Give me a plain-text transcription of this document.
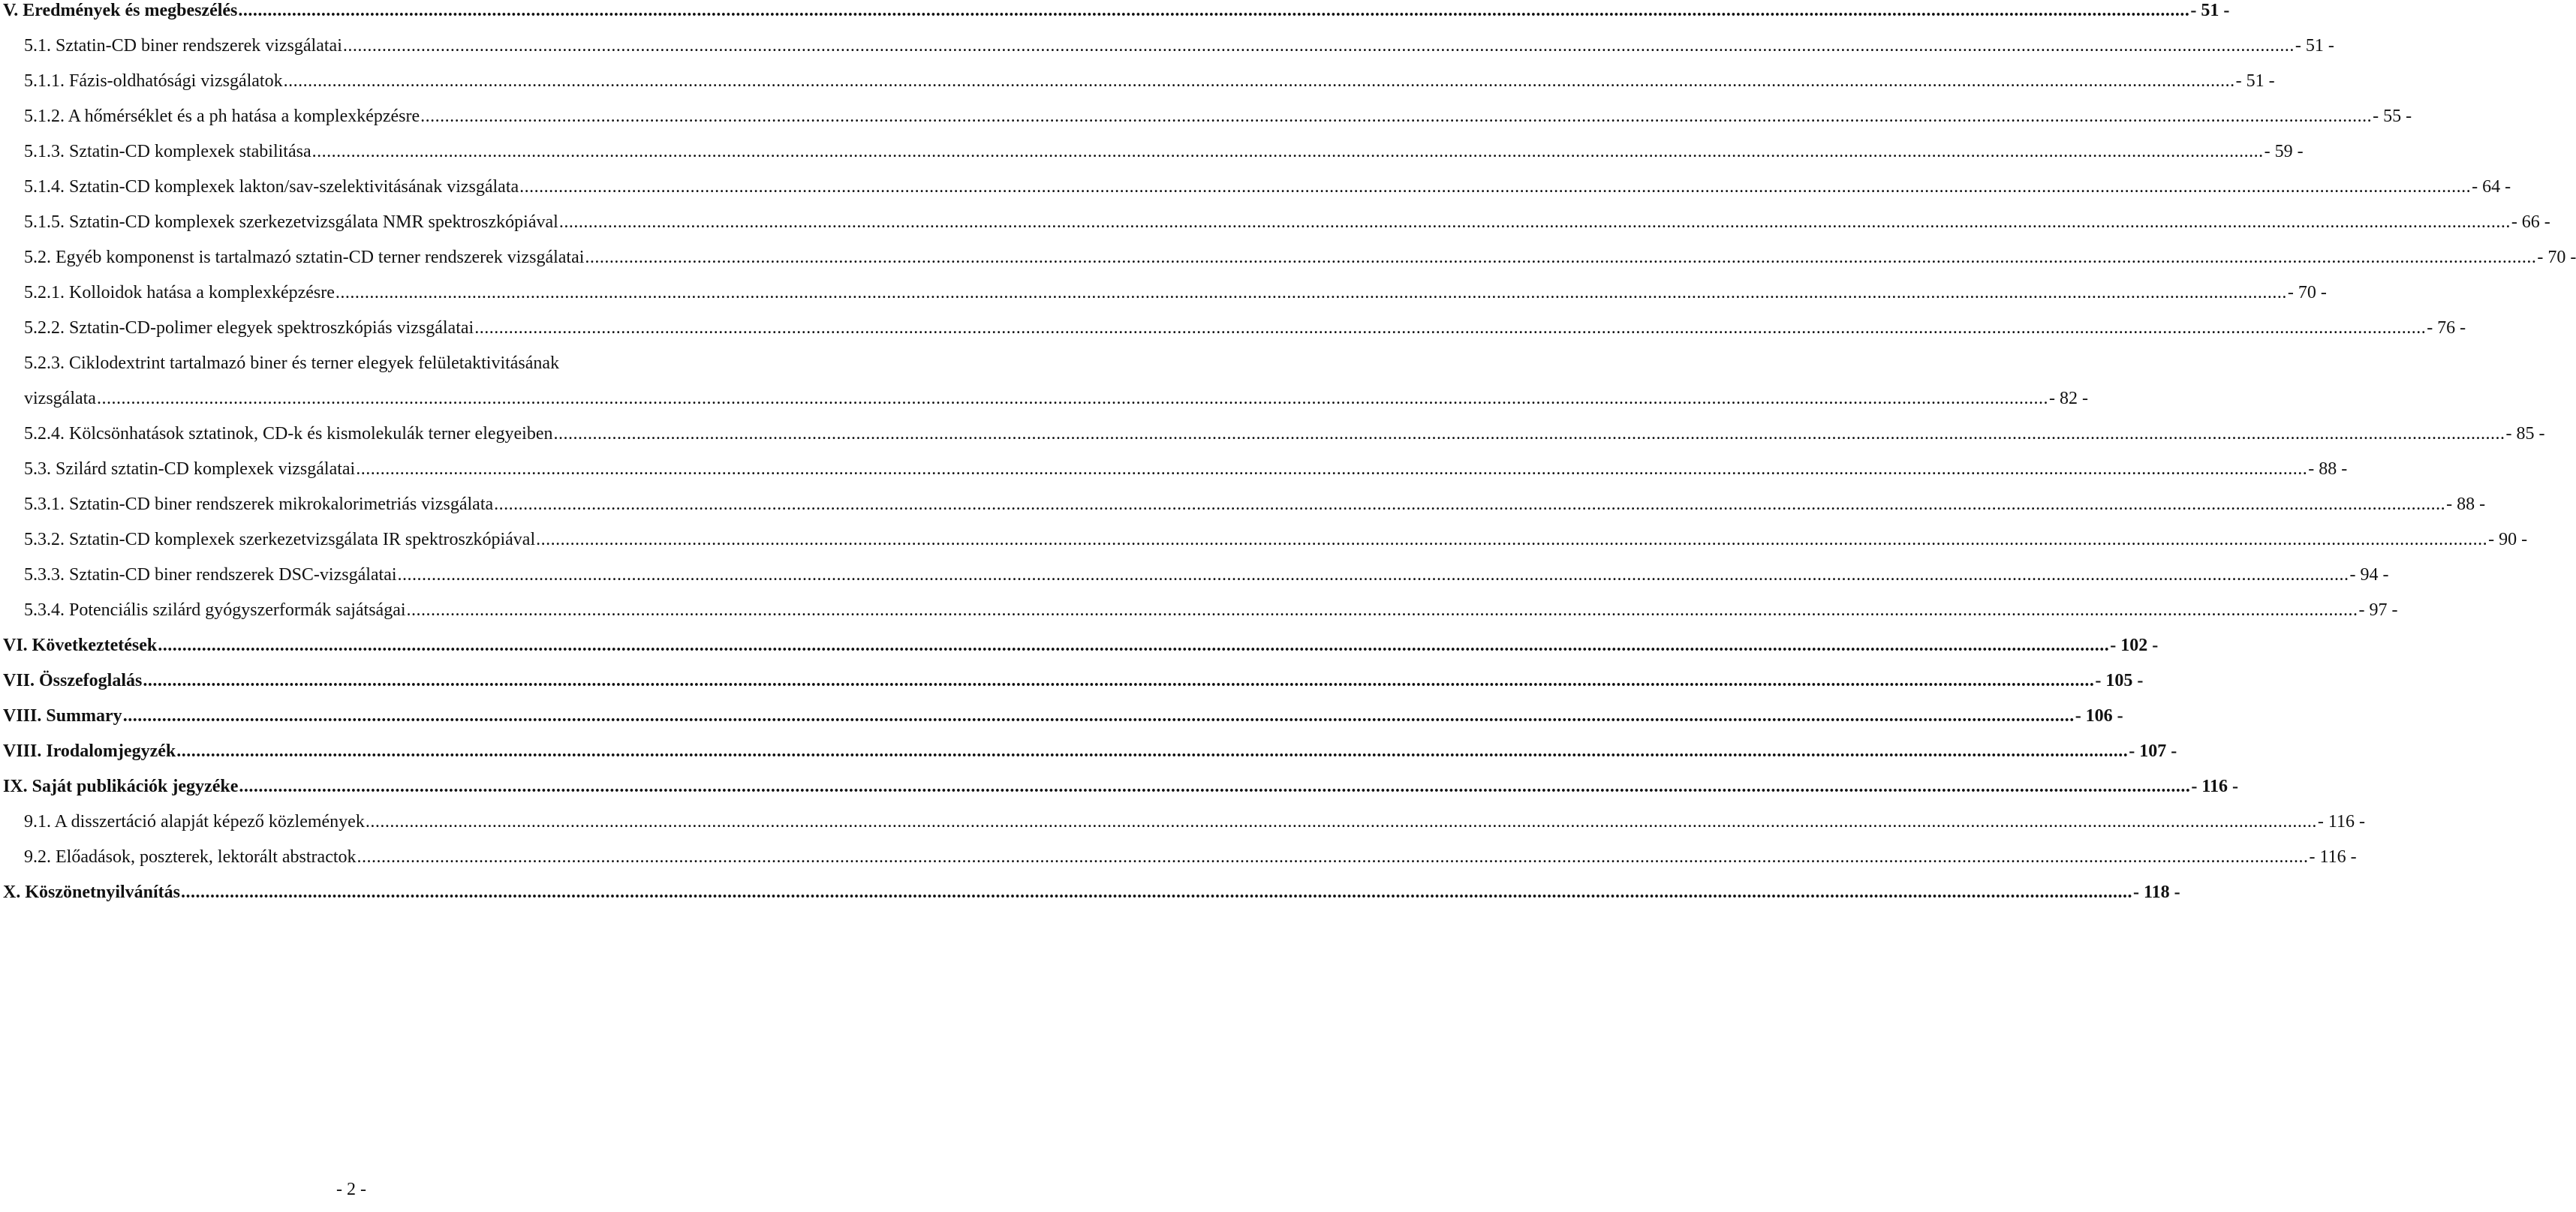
V. Eredmények és megbeszélés ................................................................................................................................................................................................................................................................................................................................................................................................................ - 51 -
5.1. Sztatin-CD biner rendszerek vizsgálatai ................................................................................................................................................................................................................................................................................................................................................................................................................ - 51 -
5.1.1. Fázis-oldhatósági vizsgálatok ................................................................................................................................................................................................................................................................................................................................................................................................................ - 51 -
5.1.2. A hőmérséklet és a ph hatása a komplexképzésre ................................................................................................................................................................................................................................................................................................................................................................................................................ - 55 -
5.1.3. Sztatin-CD komplexek stabilitása ................................................................................................................................................................................................................................................................................................................................................................................................................ - 59 -
5.1.4. Sztatin-CD komplexek lakton/sav-szelektivitásának vizsgálata ................................................................................................................................................................................................................................................................................................................................................................................................................ - 64 -
5.1.5. Sztatin-CD komplexek szerkezetvizsgálata NMR spektroszkópiával ................................................................................................................................................................................................................................................................................................................................................................................................................ - 66 -
5.2. Egyéb komponenst is tartalmazó sztatin-CD terner rendszerek vizsgálatai ................................................................................................................................................................................................................................................................................................................................................................................................................ - 70 -
5.2.1. Kolloidok hatása a komplexképzésre ................................................................................................................................................................................................................................................................................................................................................................................................................ - 70 -
5.2.2. Sztatin-CD-polimer elegyek spektroszkópiás vizsgálatai ................................................................................................................................................................................................................................................................................................................................................................................................................ - 76 -
5.2.3. Ciklodextrint tartalmazó biner és terner elegyek felületaktivitásának
vizsgálata ................................................................................................................................................................................................................................................................................................................................................................................................................ - 82 -
5.2.4. Kölcsönhatások sztatinok, CD-k és kismolekulák terner elegyeiben ................................................................................................................................................................................................................................................................................................................................................................................................................ - 85 -
5.3. Szilárd sztatin-CD komplexek vizsgálatai ................................................................................................................................................................................................................................................................................................................................................................................................................ - 88 -
5.3.1. Sztatin-CD biner rendszerek mikrokalorimetriás vizsgálata ................................................................................................................................................................................................................................................................................................................................................................................................................ - 88 -
5.3.2. Sztatin-CD komplexek szerkezetvizsgálata IR spektroszkópiával ................................................................................................................................................................................................................................................................................................................................................................................................................ - 90 -
5.3.3. Sztatin-CD biner rendszerek DSC-vizsgálatai ................................................................................................................................................................................................................................................................................................................................................................................................................ - 94 -
5.3.4. Potenciális szilárd gyógyszerformák sajátságai ................................................................................................................................................................................................................................................................................................................................................................................................................ - 97 -
VI. Következtetések ................................................................................................................................................................................................................................................................................................................................................................................................................ - 102 -
VII. Összefoglalás ................................................................................................................................................................................................................................................................................................................................................................................................................ - 105 -
VIII. Summary ................................................................................................................................................................................................................................................................................................................................................................................................................ - 106 -
VIII. Irodalomjegyzék ................................................................................................................................................................................................................................................................................................................................................................................................................ - 107 -
IX. Saját publikációk jegyzéke ................................................................................................................................................................................................................................................................................................................................................................................................................ - 116 -
9.1. A disszertáció alapját képező közlemények ................................................................................................................................................................................................................................................................................................................................................................................................................ - 116 -
9.2. Előadások, poszterek, lektorált abstractok ................................................................................................................................................................................................................................................................................................................................................................................................................ - 116 -
X. Köszönetnyilvánítás ................................................................................................................................................................................................................................................................................................................................................................................................................ - 118 -
- 2 -
